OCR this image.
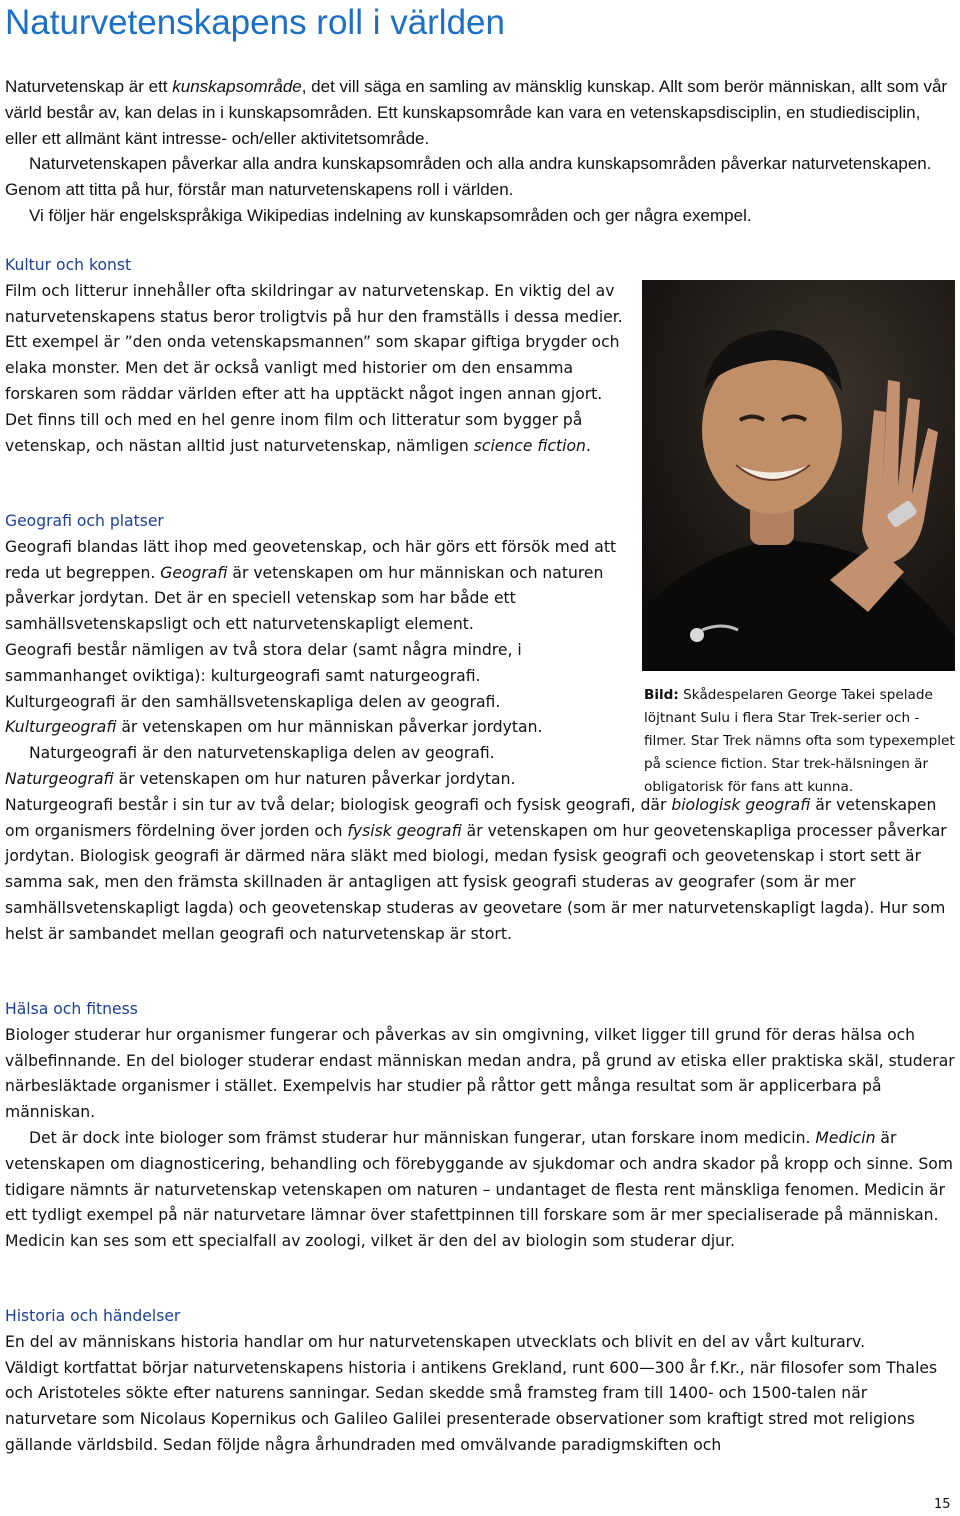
Naturvetenskapens roll i världen

Naturvetenskap är ett kunskapsområde, det vill säga en samling av mänsklig kunskap. Allt som berör människan, allt som vår värld består av, kan delas in i kunskapsområden. Ett kunskapsområde kan vara en vetenskapsdisciplin, en studiedisciplin, eller ett allmänt känt intresse- och/eller aktivitetsområde.

Naturvetenskapen påverkar alla andra kunskapsområden och alla andra kunskapsområden påverkar naturvetenskapen. Genom att titta på hur, förstår man naturvetenskapens roll i världen.

Vi följer här engelskspråkiga Wikipedias indelning av kunskapsområden och ger några exempel.

Kultur och konst

Film och litterur innehåller ofta skildringar av naturvetenskap. En viktig del av naturvetenskapens status beror troligtvis på hur den framställs i dessa medier. Ett exempel är ”den onda vetenskapsmannen” som skapar giftiga brygder och elaka monster. Men det är också vanligt med historier om den ensamma forskaren som räddar världen efter att ha upptäckt något ingen annan gjort. Det finns till och med en hel genre inom film och litteratur som bygger på vetenskap, och nästan alltid just naturvetenskap, nämligen science fiction.

Bild: Skådespelaren George Takei spelade löjtnant Sulu i flera Star Trek-serier och -filmer. Star Trek nämns ofta som typexemplet på science fiction. Star trek-hälsningen är obligatorisk för fans att kunna.

Geografi och platser

Geografi blandas lätt ihop med geovetenskap, och här görs ett försök med att reda ut begreppen. Geografi är vetenskapen om hur människan och naturen påverkar jordytan. Det är en speciell vetenskap som har både ett samhällsvetenskapsligt och ett naturvetenskapligt element.

Geografi består nämligen av två stora delar (samt några mindre, i sammanhanget oviktiga): kulturgeografi samt naturgeografi.

Kulturgeografi är den samhällsvetenskapliga delen av geografi.

Kulturgeografi är vetenskapen om hur människan påverkar jordytan.

Naturgeografi är den naturvetenskapliga delen av geografi.

Naturgeografi är vetenskapen om hur naturen påverkar jordytan.

Naturgeografi består i sin tur av två delar; biologisk geografi och fysisk geografi, där biologisk geografi är vetenskapen om organismers fördelning över jorden och fysisk geografi är vetenskapen om hur geovetenskapliga processer påverkar jordytan. Biologisk geografi är därmed nära släkt med biologi, medan fysisk geografi och geovetenskap i stort sett är samma sak, men den främsta skillnaden är antagligen att fysisk geografi studeras av geografer (som är mer samhällsvetenskapligt lagda) och geovetenskap studeras av geovetare (som är mer naturvetenskapligt lagda). Hur som helst är sambandet mellan geografi och naturvetenskap är stort.

Hälsa och fitness

Biologer studerar hur organismer fungerar och påverkas av sin omgivning, vilket ligger till grund för deras hälsa och välbefinnande. En del biologer studerar endast människan medan andra, på grund av etiska eller praktiska skäl, studerar närbesläktade organismer i stället. Exempelvis har studier på råttor gett många resultat som är applicerbara på människan.

Det är dock inte biologer som främst studerar hur människan fungerar, utan forskare inom medicin. Medicin är vetenskapen om diagnosticering, behandling och förebyggande av sjukdomar och andra skador på kropp och sinne. Som tidigare nämnts är naturvetenskap vetenskapen om naturen – undantaget de flesta rent mänskliga fenomen. Medicin är ett tydligt exempel på när naturvetare lämnar över stafettpinnen till forskare som är mer specialiserade på människan. Medicin kan ses som ett specialfall av zoologi, vilket är den del av biologin som studerar djur.

Historia och händelser

En del av människans historia handlar om hur naturvetenskapen utvecklats och blivit en del av vårt kulturarv.

Väldigt kortfattat börjar naturvetenskapens historia i antikens Grekland, runt 600—300 år f.Kr., när filosofer som Thales och Aristoteles sökte efter naturens sanningar. Sedan skedde små framsteg fram till 1400- och 1500-talen när naturvetare som Nicolaus Kopernikus och Galileo Galilei presenterade observationer som kraftigt stred mot religions gällande världsbild. Sedan följde några århundraden med omvälvande paradigmskiften och

15
